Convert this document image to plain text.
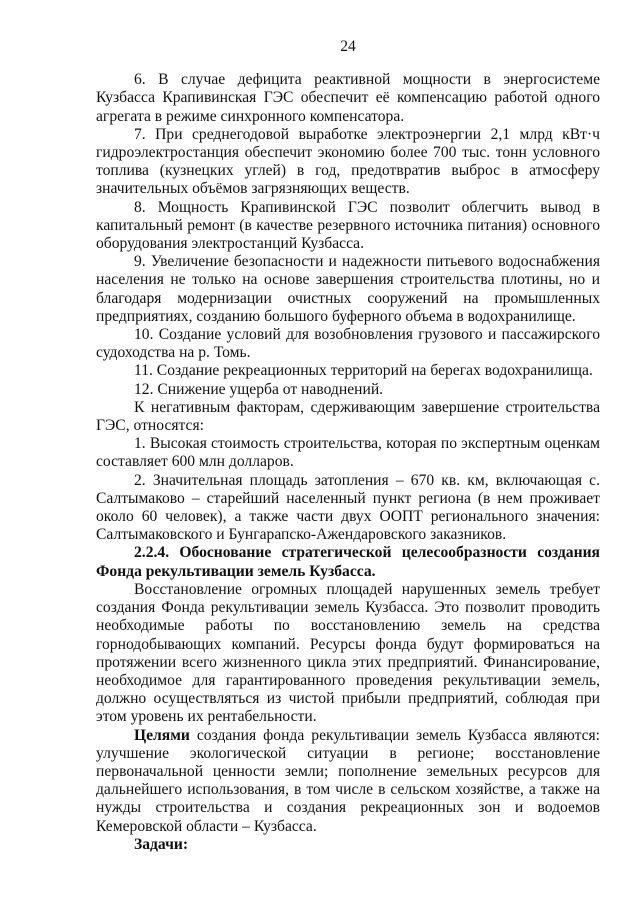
24

6. В случае дефицита реактивной мощности в энергосистеме Кузбасса Крапивинская ГЭС обеспечит её компенсацию работой одного агрегата в режиме синхронного компенсатора.

7. При среднегодовой выработке электроэнергии 2,1 млрд кВт·ч гидроэлектростанция обеспечит экономию более 700 тыс. тонн условного топлива (кузнецких углей) в год, предотвратив выброс в атмосферу значительных объёмов загрязняющих веществ.

8. Мощность Крапивинской ГЭС позволит облегчить вывод в капитальный ремонт (в качестве резервного источника питания) основного оборудования электростанций Кузбасса.

9. Увеличение безопасности и надежности питьевого водоснабжения населения не только на основе завершения строительства плотины, но и благодаря модернизации очистных сооружений на промышленных предприятиях, созданию большого буферного объема в водохранилище.

10. Создание условий для возобновления грузового и пассажирского судоходства на р. Томь.

11. Создание рекреационных территорий на берегах водохранилища.

12. Снижение ущерба от наводнений.

К негативным факторам, сдерживающим завершение строительства ГЭС, относятся:

1. Высокая стоимость строительства, которая по экспертным оценкам составляет 600 млн долларов.

2. Значительная площадь затопления – 670 кв. км, включающая с. Салтымаково – старейший населенный пункт региона (в нем проживает около 60 человек), а также части двух ООПТ регионального значения: Салтымаковского и Бунгарапско-Ажендаровского заказников.

2.2.4. Обоснование стратегической целесообразности создания Фонда рекультивации земель Кузбасса.

Восстановление огромных площадей нарушенных земель требует создания Фонда рекультивации земель Кузбасса. Это позволит проводить необходимые работы по восстановлению земель на средства горнодобывающих компаний. Ресурсы фонда будут формироваться на протяжении всего жизненного цикла этих предприятий. Финансирование, необходимое для гарантированного проведения рекультивации земель, должно осуществляться из чистой прибыли предприятий, соблюдая при этом уровень их рентабельности.

Целями создания фонда рекультивации земель Кузбасса являются: улучшение экологической ситуации в регионе; восстановление первоначальной ценности земли; пополнение земельных ресурсов для дальнейшего использования, в том числе в сельском хозяйстве, а также на нужды строительства и создания рекреационных зон и водоемов Кемеровской области – Кузбасса.

Задачи:
